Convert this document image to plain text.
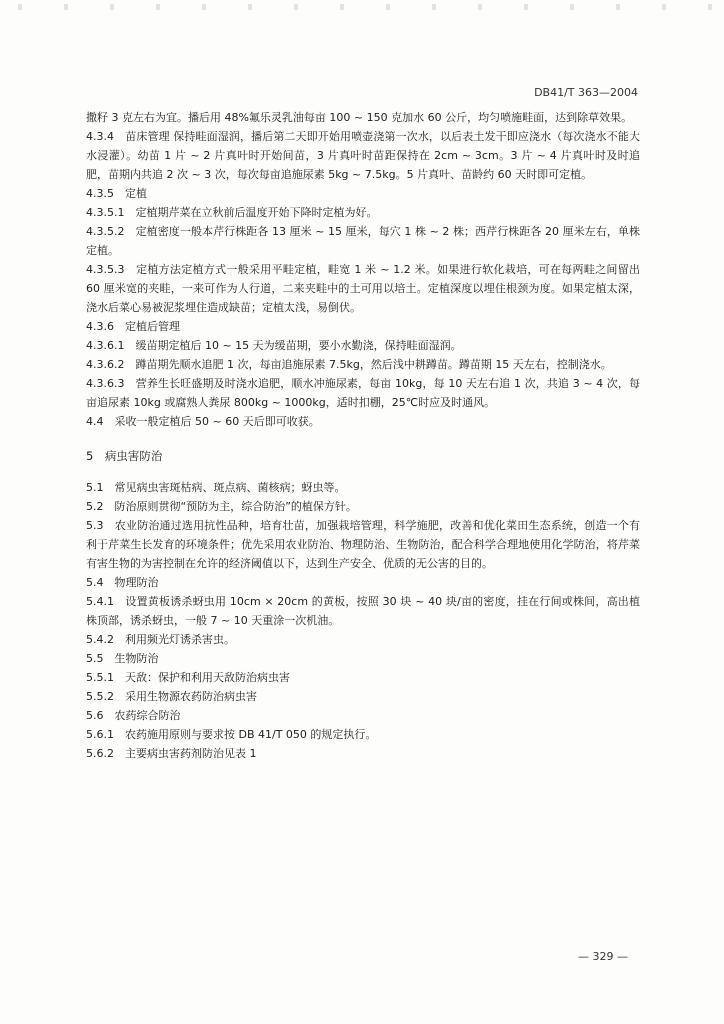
DB41/T 363—2004

撒籽 3 克左右为宜。播后用 48%氟乐灵乳油每亩 100 ~ 150 克加水 60 公斤，均匀喷施畦面，达到除草效果。

4.3.4　苗床管理 保持畦面湿润，播后第二天即开始用喷壶浇第一次水，以后表土发干即应浇水（每次浇水不能大水浸灌）。幼苗 1 片 ~ 2 片真叶时开始间苗，3 片真叶时苗距保持在 2cm ~ 3cm。3 片 ~ 4 片真叶时及时追肥，苗期内共追 2 次 ~ 3 次，每次每亩追施尿素 5kg ~ 7.5kg。5 片真叶、苗龄约 60 天时即可定植。

4.3.5　定植

4.3.5.1　定植期芹菜在立秋前后温度开始下降时定植为好。

4.3.5.2　定植密度一般本芹行株距各 13 厘米 ~ 15 厘米，每穴 1 株 ~ 2 株；西芹行株距各 20 厘米左右，单株定植。

4.3.5.3　定植方法定植方式一般采用平畦定植，畦宽 1 米 ~ 1.2 米。如果进行软化栽培，可在每两畦之间留出 60 厘米宽的夹畦，一来可作为人行道，二来夹畦中的土可用以培土。定植深度以埋住根颈为度。如果定植太深，浇水后菜心易被泥浆埋住造成缺苗；定植太浅，易倒伏。

4.3.6　定植后管理

4.3.6.1　缓苗期定植后 10 ~ 15 天为缓苗期，要小水勤浇，保持畦面湿润。

4.3.6.2　蹲苗期先顺水追肥 1 次，每亩追施尿素 7.5kg，然后浅中耕蹲苗。蹲苗期 15 天左右，控制浇水。

4.3.6.3　营养生长旺盛期及时浇水追肥，顺水冲施尿素，每亩 10kg，每 10 天左右追 1 次，共追 3 ~ 4 次，每亩追尿素 10kg 或腐熟人粪尿 800kg ~ 1000kg，适时扣棚，25℃时应及时通风。

4.4　采收一般定植后 50 ~ 60 天后即可收获。

5　病虫害防治

5.1　常见病虫害斑枯病、斑点病、菌核病；蚜虫等。

5.2　防治原则贯彻“预防为主，综合防治”的植保方针。

5.3　农业防治通过选用抗性品种，培育壮苗，加强栽培管理，科学施肥，改善和优化菜田生态系统，创造一个有利于芹菜生长发育的环境条件；优先采用农业防治、物理防治、生物防治，配合科学合理地使用化学防治，将芹菜有害生物的为害控制在允许的经济阈值以下，达到生产安全、优质的无公害的目的。

5.4　物理防治

5.4.1　设置黄板诱杀蚜虫用 10cm × 20cm 的黄板，按照 30 块 ~ 40 块/亩的密度，挂在行间或株间，高出植株顶部，诱杀蚜虫，一般 7 ~ 10 天重涂一次机油。

5.4.2　利用频光灯诱杀害虫。

5.5　生物防治

5.5.1　天敌：保护和利用天敌防治病虫害

5.5.2　采用生物源农药防治病虫害

5.6　农药综合防治

5.6.1　农药施用原则与要求按 DB 41/T 050 的规定执行。

5.6.2　主要病虫害药剂防治见表 1

— 329 —
